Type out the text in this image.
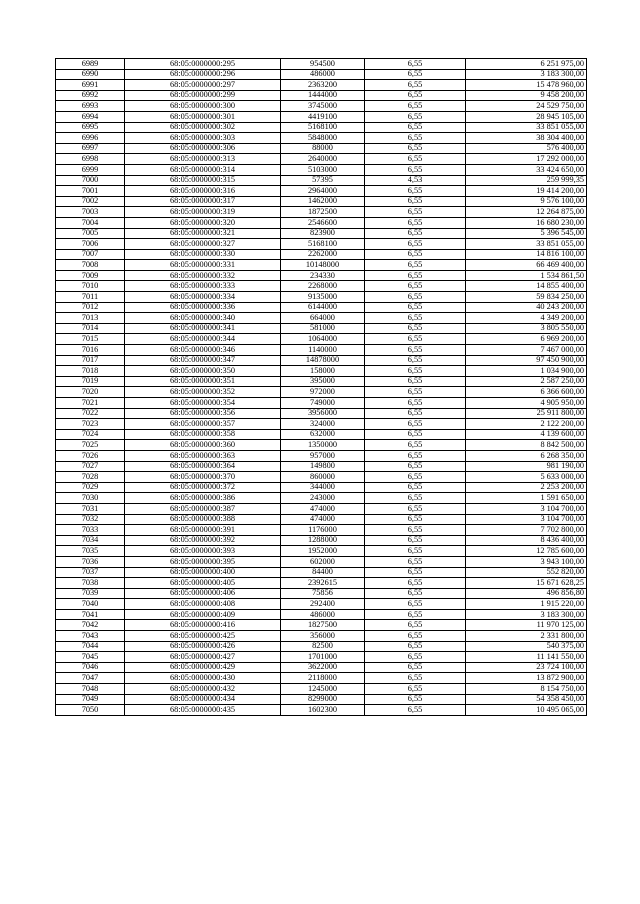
6989	68:05:0000000:295	954500	6,55	6 251 975,00
6990	68:05:0000000:296	486000	6,55	3 183 300,00
6991	68:05:0000000:297	2363200	6,55	15 478 960,00
6992	68:05:0000000:299	1444000	6,55	9 458 200,00
6993	68:05:0000000:300	3745000	6,55	24 529 750,00
6994	68:05:0000000:301	4419100	6,55	28 945 105,00
6995	68:05:0000000:302	5168100	6,55	33 851 055,00
6996	68:05:0000000:303	5848000	6,55	38 304 400,00
6997	68:05:0000000:306	88000	6,55	576 400,00
6998	68:05:0000000:313	2640000	6,55	17 292 000,00
6999	68:05:0000000:314	5103000	6,55	33 424 650,00
7000	68:05:0000000:315	57395	4,53	259 999,35
7001	68:05:0000000:316	2964000	6,55	19 414 200,00
7002	68:05:0000000:317	1462000	6,55	9 576 100,00
7003	68:05:0000000:319	1872500	6,55	12 264 875,00
7004	68:05:0000000:320	2546600	6,55	16 680 230,00
7005	68:05:0000000:321	823900	6,55	5 396 545,00
7006	68:05:0000000:327	5168100	6,55	33 851 055,00
7007	68:05:0000000:330	2262000	6,55	14 816 100,00
7008	68:05:0000000:331	10148000	6,55	66 469 400,00
7009	68:05:0000000:332	234330	6,55	1 534 861,50
7010	68:05:0000000:333	2268000	6,55	14 855 400,00
7011	68:05:0000000:334	9135000	6,55	59 834 250,00
7012	68:05:0000000:336	6144000	6,55	40 243 200,00
7013	68:05:0000000:340	664000	6,55	4 349 200,00
7014	68:05:0000000:341	581000	6,55	3 805 550,00
7015	68:05:0000000:344	1064000	6,55	6 969 200,00
7016	68:05:0000000:346	1140000	6,55	7 467 000,00
7017	68:05:0000000:347	14878000	6,55	97 450 900,00
7018	68:05:0000000:350	158000	6,55	1 034 900,00
7019	68:05:0000000:351	395000	6,55	2 587 250,00
7020	68:05:0000000:352	972000	6,55	6 366 600,00
7021	68:05:0000000:354	749000	6,55	4 905 950,00
7022	68:05:0000000:356	3956000	6,55	25 911 800,00
7023	68:05:0000000:357	324000	6,55	2 122 200,00
7024	68:05:0000000:358	632000	6,55	4 139 600,00
7025	68:05:0000000:360	1350000	6,55	8 842 500,00
7026	68:05:0000000:363	957000	6,55	6 268 350,00
7027	68:05:0000000:364	149800	6,55	981 190,00
7028	68:05:0000000:370	860000	6,55	5 633 000,00
7029	68:05:0000000:372	344000	6,55	2 253 200,00
7030	68:05:0000000:386	243000	6,55	1 591 650,00
7031	68:05:0000000:387	474000	6,55	3 104 700,00
7032	68:05:0000000:388	474000	6,55	3 104 700,00
7033	68:05:0000000:391	1176000	6,55	7 702 800,00
7034	68:05:0000000:392	1288000	6,55	8 436 400,00
7035	68:05:0000000:393	1952000	6,55	12 785 600,00
7036	68:05:0000000:395	602000	6,55	3 943 100,00
7037	68:05:0000000:400	84400	6,55	552 820,00
7038	68:05:0000000:405	2392615	6,55	15 671 628,25
7039	68:05:0000000:406	75856	6,55	496 856,80
7040	68:05:0000000:408	292400	6,55	1 915 220,00
7041	68:05:0000000:409	486000	6,55	3 183 300,00
7042	68:05:0000000:416	1827500	6,55	11 970 125,00
7043	68:05:0000000:425	356000	6,55	2 331 800,00
7044	68:05:0000000:426	82500	6,55	540 375,00
7045	68:05:0000000:427	1701000	6,55	11 141 550,00
7046	68:05:0000000:429	3622000	6,55	23 724 100,00
7047	68:05:0000000:430	2118000	6,55	13 872 900,00
7048	68:05:0000000:432	1245000	6,55	8 154 750,00
7049	68:05:0000000:434	8299000	6,55	54 358 450,00
7050	68:05:0000000:435	1602300	6,55	10 495 065,00
